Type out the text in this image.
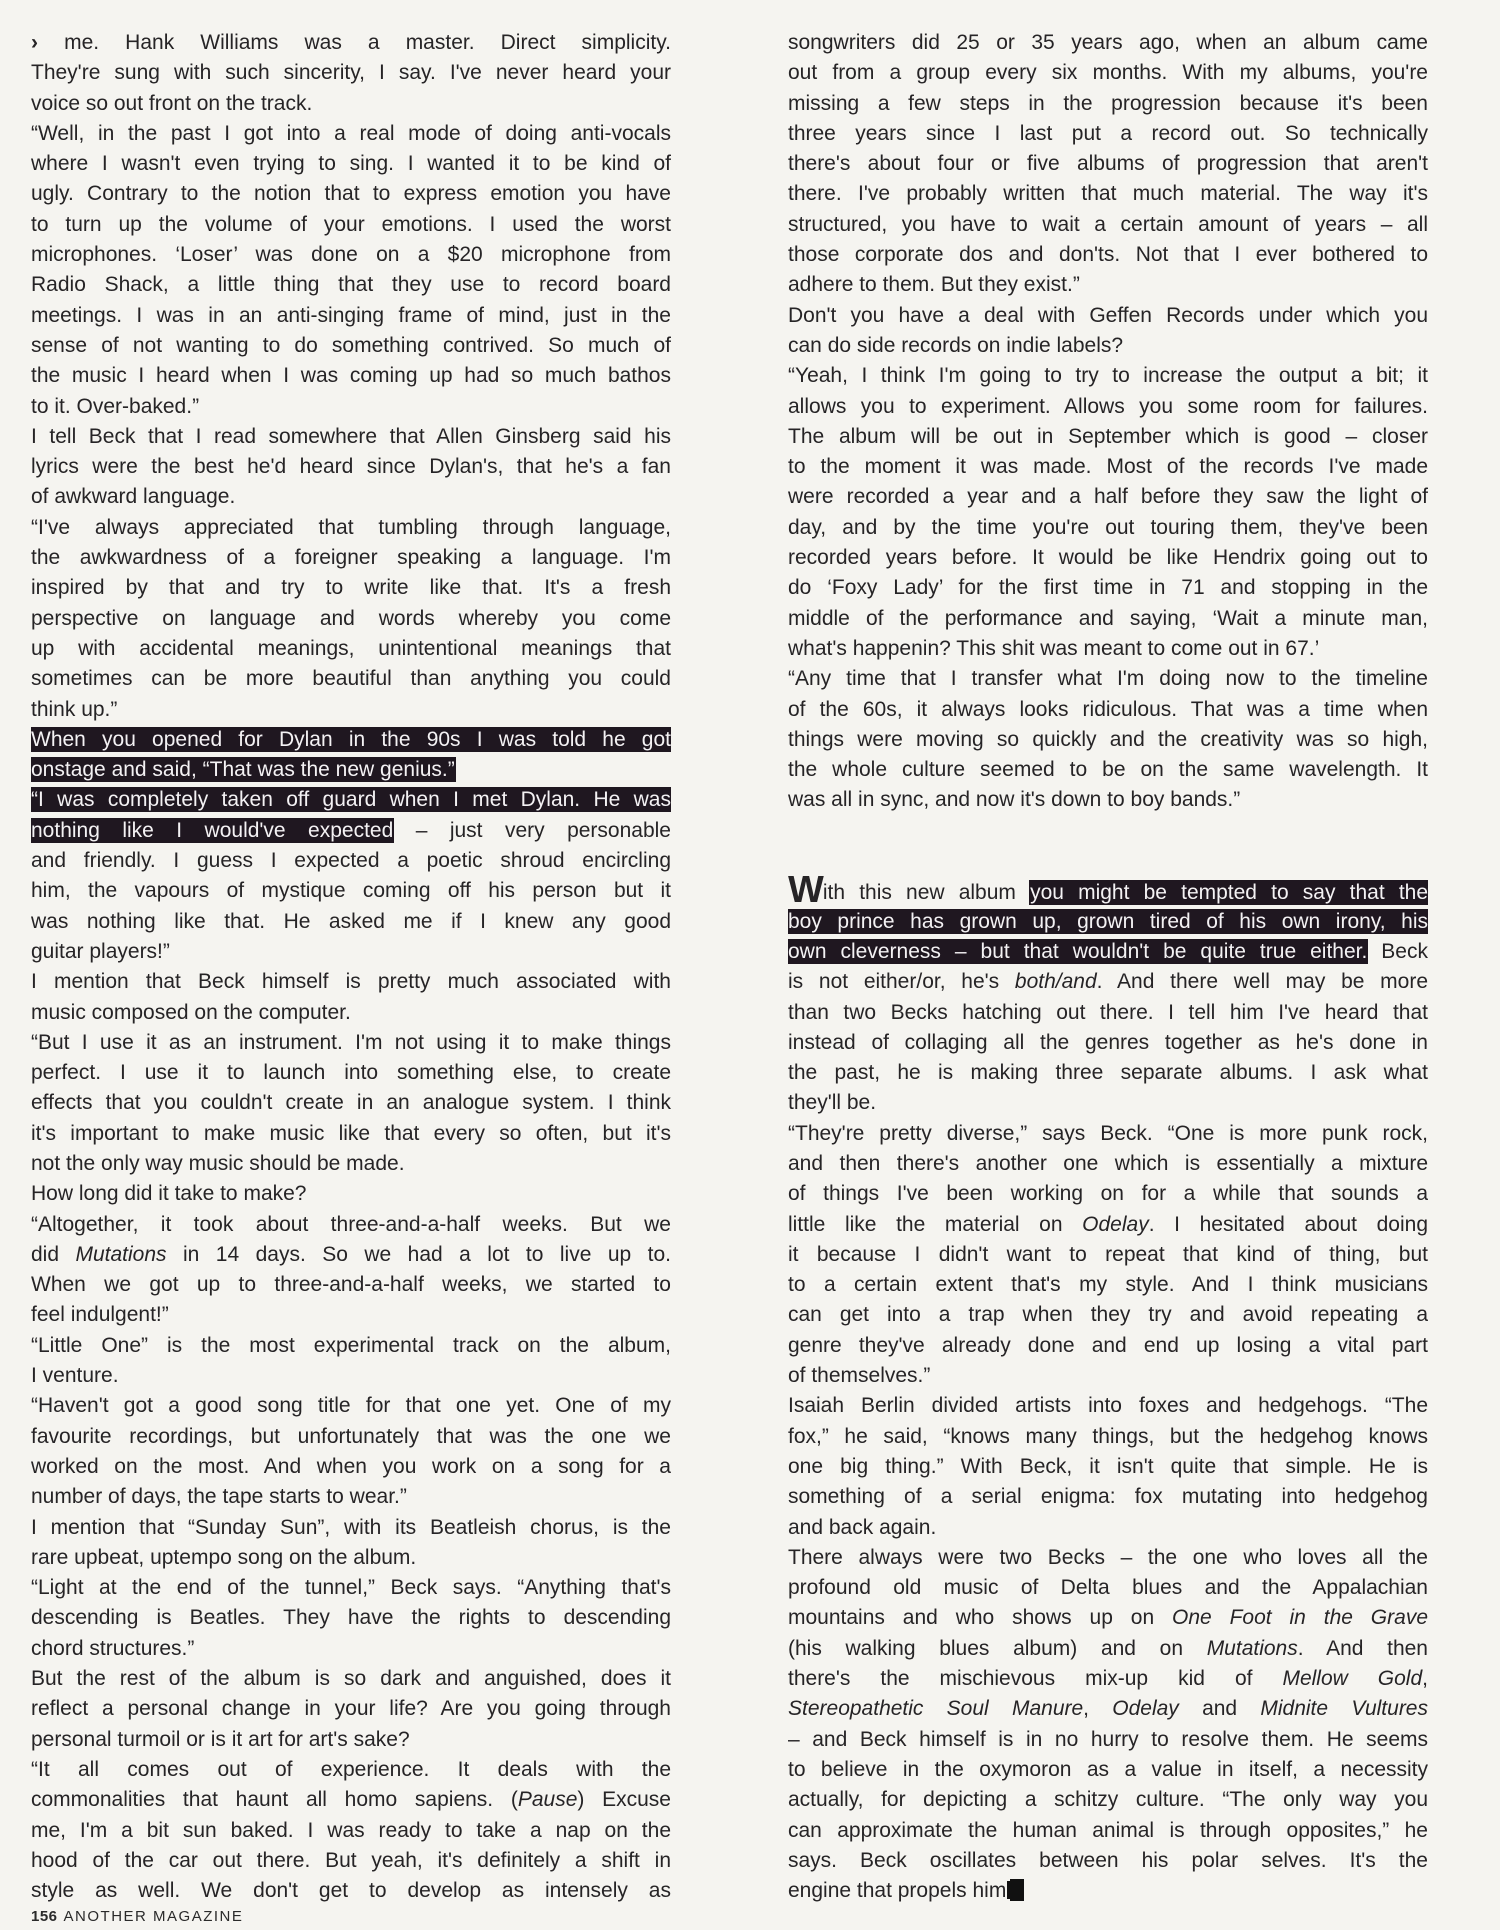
› me. Hank Williams was a master. Direct simplicity.
They're sung with such sincerity, I say. I've never heard your
voice so out front on the track.
“Well, in the past I got into a real mode of doing anti-vocals
where I wasn't even trying to sing. I wanted it to be kind of
ugly. Contrary to the notion that to express emotion you have
to turn up the volume of your emotions. I used the worst
microphones. ‘Loser’ was done on a $20 microphone from
Radio Shack, a little thing that they use to record board
meetings. I was in an anti-singing frame of mind, just in the
sense of not wanting to do something contrived. So much of
the music I heard when I was coming up had so much bathos
to it. Over-baked.”
I tell Beck that I read somewhere that Allen Ginsberg said his
lyrics were the best he'd heard since Dylan's, that he's a fan
of awkward language.
“I've always appreciated that tumbling through language,
the awkwardness of a foreigner speaking a language. I'm
inspired by that and try to write like that. It's a fresh
perspective on language and words whereby you come
up with accidental meanings, unintentional meanings that
sometimes can be more beautiful than anything you could
think up.”
When you opened for Dylan in the 90s I was told he got
onstage and said, “That was the new genius.”
“I was completely taken off guard when I met Dylan. He was
nothing like I would've expected – just very personable
and friendly. I guess I expected a poetic shroud encircling
him, the vapours of mystique coming off his person but it
was nothing like that. He asked me if I knew any good
guitar players!”
I mention that Beck himself is pretty much associated with
music composed on the computer.
“But I use it as an instrument. I'm not using it to make things
perfect. I use it to launch into something else, to create
effects that you couldn't create in an analogue system. I think
it's important to make music like that every so often, but it's
not the only way music should be made.
How long did it take to make?
“Altogether, it took about three-and-a-half weeks. But we
did Mutations in 14 days. So we had a lot to live up to.
When we got up to three-and-a-half weeks, we started to
feel indulgent!”
“Little One” is the most experimental track on the album,
I venture.
“Haven't got a good song title for that one yet. One of my
favourite recordings, but unfortunately that was the one we
worked on the most. And when you work on a song for a
number of days, the tape starts to wear.”
I mention that “Sunday Sun”, with its Beatleish chorus, is the
rare upbeat, uptempo song on the album.
“Light at the end of the tunnel,” Beck says. “Anything that's
descending is Beatles. They have the rights to descending
chord structures.”
But the rest of the album is so dark and anguished, does it
reflect a personal change in your life? Are you going through
personal turmoil or is it art for art's sake?
“It all comes out of experience. It deals with the
commonalities that haunt all homo sapiens. (Pause) Excuse
me, I'm a bit sun baked. I was ready to take a nap on the
hood of the car out there. But yeah, it's definitely a shift in
style as well. We don't get to develop as intensely as
songwriters did 25 or 35 years ago, when an album came
out from a group every six months. With my albums, you're
missing a few steps in the progression because it's been
three years since I last put a record out. So technically
there's about four or five albums of progression that aren't
there. I've probably written that much material. The way it's
structured, you have to wait a certain amount of years – all
those corporate dos and don'ts. Not that I ever bothered to
adhere to them. But they exist.”
Don't you have a deal with Geffen Records under which you
can do side records on indie labels?
“Yeah, I think I'm going to try to increase the output a bit; it
allows you to experiment. Allows you some room for failures.
The album will be out in September which is good – closer
to the moment it was made. Most of the records I've made
were recorded a year and a half before they saw the light of
day, and by the time you're out touring them, they've been
recorded years before. It would be like Hendrix going out to
do ‘Foxy Lady’ for the first time in 71 and stopping in the
middle of the performance and saying, ‘Wait a minute man,
what's happenin? This shit was meant to come out in 67.’
“Any time that I transfer what I'm doing now to the timeline
of the 60s, it always looks ridiculous. That was a time when
things were moving so quickly and the creativity was so high,
the whole culture seemed to be on the same wavelength. It
was all in sync, and now it's down to boy bands.”
With this new album you might be tempted to say that the
boy prince has grown up, grown tired of his own irony, his
own cleverness – but that wouldn't be quite true either. Beck
is not either/or, he's both/and. And there well may be more
than two Becks hatching out there. I tell him I've heard that
instead of collaging all the genres together as he's done in
the past, he is making three separate albums. I ask what
they'll be.
“They're pretty diverse,” says Beck. “One is more punk rock,
and then there's another one which is essentially a mixture
of things I've been working on for a while that sounds a
little like the material on Odelay. I hesitated about doing
it because I didn't want to repeat that kind of thing, but
to a certain extent that's my style. And I think musicians
can get into a trap when they try and avoid repeating a
genre they've already done and end up losing a vital part
of themselves.”
Isaiah Berlin divided artists into foxes and hedgehogs. “The
fox,” he said, “knows many things, but the hedgehog knows
one big thing.” With Beck, it isn't quite that simple. He is
something of a serial enigma: fox mutating into hedgehog
and back again.
There always were two Becks – the one who loves all the
profound old music of Delta blues and the Appalachian
mountains and who shows up on One Foot in the Grave
(his walking blues album) and on Mutations. And then
there's the mischievous mix-up kid of Mellow Gold,
Stereopathetic Soul Manure, Odelay and Midnite Vultures
– and Beck himself is in no hurry to resolve them. He seems
to believe in the oxymoron as a value in itself, a necessity
actually, for depicting a schitzy culture. “The only way you
can approximate the human animal is through opposites,” he
says. Beck oscillates between his polar selves. It's the
engine that propels him
156 ANOTHER MAGAZINE
